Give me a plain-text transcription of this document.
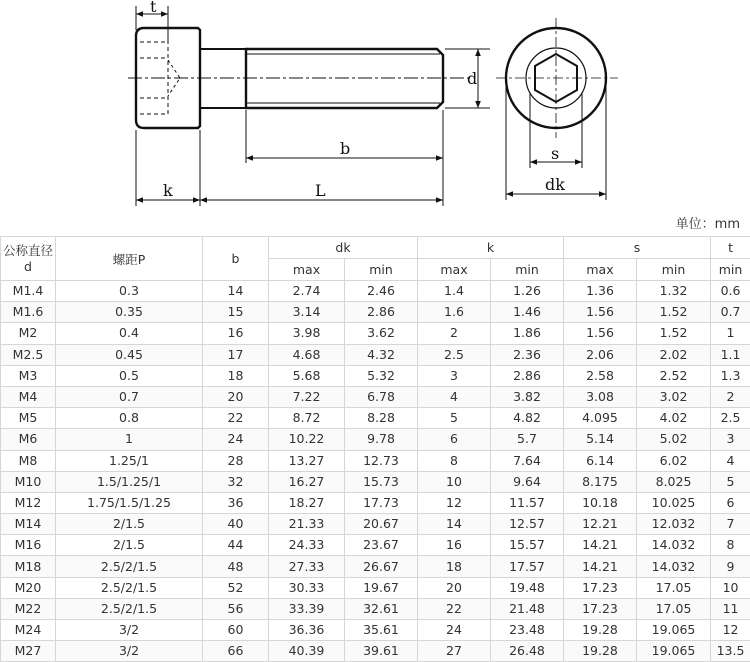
t
d
b
k	L
s
dk
单位：mm
公称直径
d	螺距P	b	dk		k		s		t
			max	min	max	min	max	min	min
M1.4	0.3	14	2.74	2.46	1.4	1.26	1.36	1.32	0.6
M1.6	0.35	15	3.14	2.86	1.6	1.46	1.56	1.52	0.7
M2	0.4	16	3.98	3.62	2	1.86	1.56	1.52	1
M2.5	0.45	17	4.68	4.32	2.5	2.36	2.06	2.02	1.1
M3	0.5	18	5.68	5.32	3	2.86	2.58	2.52	1.3
M4	0.7	20	7.22	6.78	4	3.82	3.08	3.02	2
M5	0.8	22	8.72	8.28	5	4.82	4.095	4.02	2.5
M6	1	24	10.22	9.78	6	5.7	5.14	5.02	3
M8	1.25/1	28	13.27	12.73	8	7.64	6.14	6.02	4
M10	1.5/1.25/1	32	16.27	15.73	10	9.64	8.175	8.025	5
M12	1.75/1.5/1.25	36	18.27	17.73	12	11.57	10.18	10.025	6
M14	2/1.5	40	21.33	20.67	14	12.57	12.21	12.032	7
M16	2/1.5	44	24.33	23.67	16	15.57	14.21	14.032	8
M18	2.5/2/1.5	48	27.33	26.67	18	17.57	14.21	14.032	9
M20	2.5/2/1.5	52	30.33	19.67	20	19.48	17.23	17.05	10
M22	2.5/2/1.5	56	33.39	32.61	22	21.48	17.23	17.05	11
M24	3/2	60	36.36	35.61	24	23.48	19.28	19.065	12
M27	3/2	66	40.39	39.61	27	26.48	19.28	19.065	13.5
